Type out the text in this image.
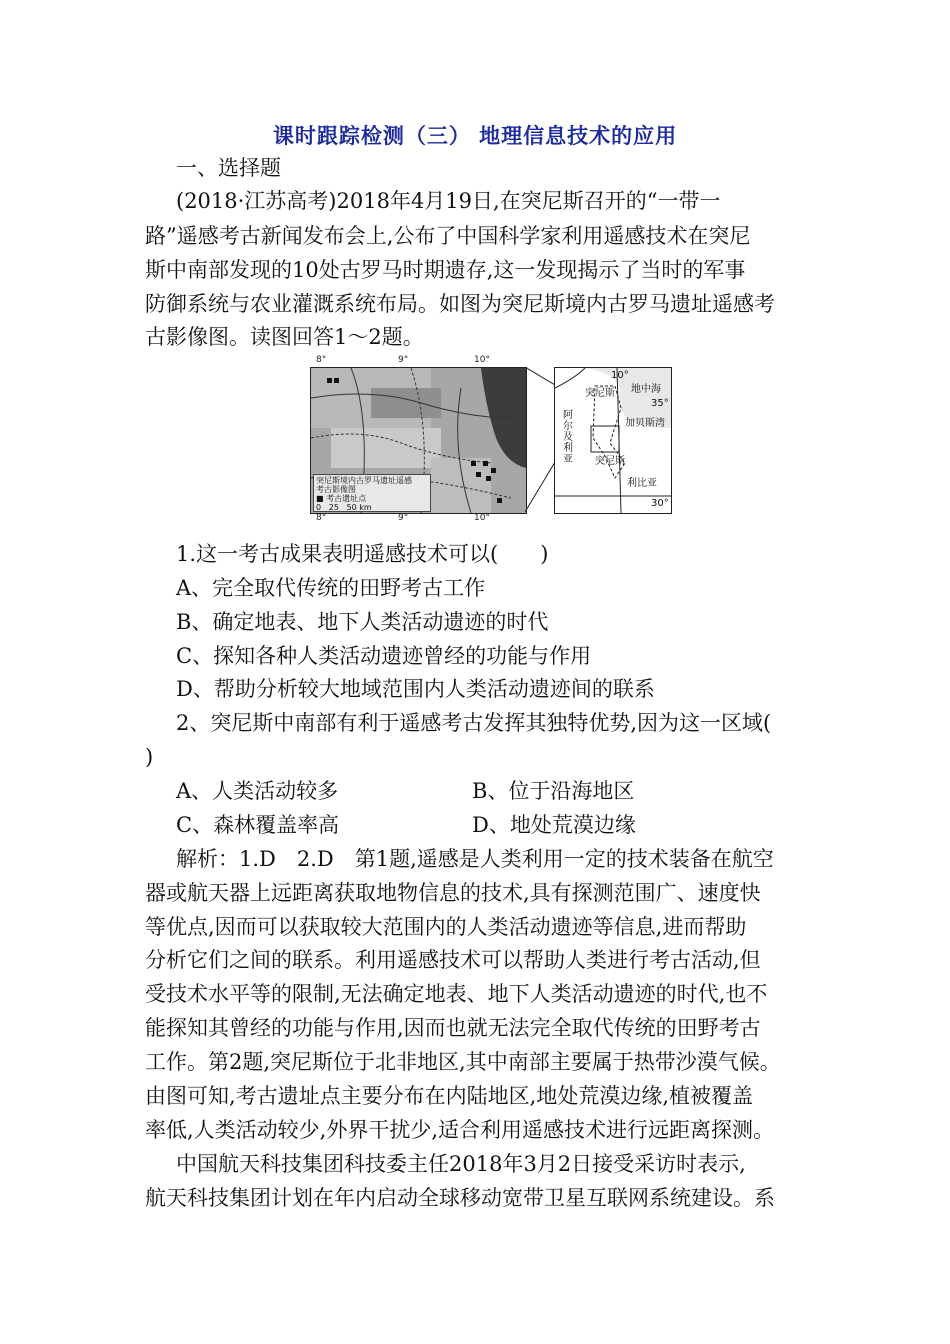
课时跟踪检测（三） 地理信息技术的应用
一、选择题
(2018·江苏高考)2018年4月19日,在突尼斯召开的“一带一
路”遥感考古新闻发布会上,公布了中国科学家利用遥感技术在突尼
斯中南部发现的10处古罗马时期遗存,这一发现揭示了当时的军事
防御系统与农业灌溉系统布局。如图为突尼斯境内古罗马遗址遥感考
古影像图。读图回答1～2题。
8°	9°	10°
突尼斯境内古罗马遗址遥感
考古影像图
■ 考古遗址点
0 25 50 km
10°
地中海
35°
突尼斯
加贝斯湾
阿
尔
及
利
亚 突尼斯
利比亚
30°
8°	9°	10°
1.这一考古成果表明遥感技术可以(　　)
A、完全取代传统的田野考古工作
B、确定地表、地下人类活动遗迹的时代
C、探知各种人类活动遗迹曾经的功能与作用
D、帮助分析较大地域范围内人类活动遗迹间的联系
2、突尼斯中南部有利于遥感考古发挥其独特优势,因为这一区域(
)
A、人类活动较多	B、位于沿海地区
C、森林覆盖率高	D、地处荒漠边缘
解析：1.D　2.D　第1题,遥感是人类利用一定的技术装备在航空
器或航天器上远距离获取地物信息的技术,具有探测范围广、速度快
等优点,因而可以获取较大范围内的人类活动遗迹等信息,进而帮助
分析它们之间的联系。利用遥感技术可以帮助人类进行考古活动,但
受技术水平等的限制,无法确定地表、地下人类活动遗迹的时代,也不
能探知其曾经的功能与作用,因而也就无法完全取代传统的田野考古
工作。第2题,突尼斯位于北非地区,其中南部主要属于热带沙漠气候。
由图可知,考古遗址点主要分布在内陆地区,地处荒漠边缘,植被覆盖
率低,人类活动较少,外界干扰少,适合利用遥感技术进行远距离探测。
中国航天科技集团科技委主任2018年3月2日接受采访时表示,
航天科技集团计划在年内启动全球移动宽带卫星互联网系统建设。系
